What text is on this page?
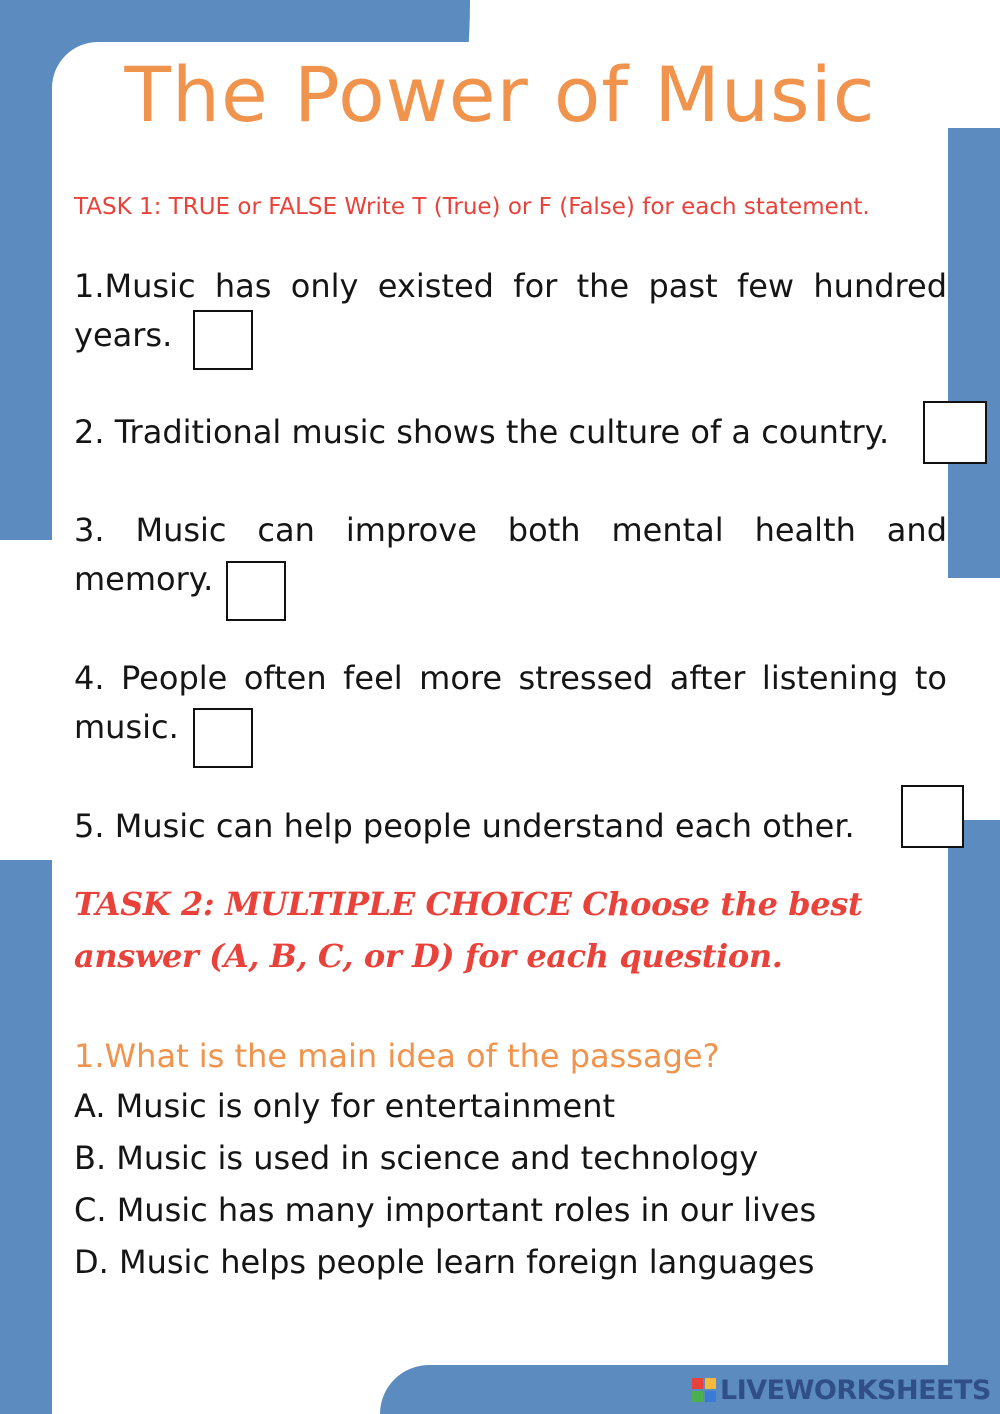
The Power of Music
TASK 1: TRUE or FALSE Write T (True) or F (False) for each statement.
1.Music has only existed for the past few hundred years.
2. Traditional music shows the culture of a country.
3. Music can improve both mental health and memory.
4. People often feel more stressed after listening to music.
5. Music can help people understand each other.
TASK 2: MULTIPLE CHOICE Choose the best answer (A, B, C, or D) for each question.
1.What is the main idea of the passage?
A. Music is only for entertainment
B. Music is used in science and technology
C. Music has many important roles in our lives
D. Music helps people learn foreign languages
LIVEWORKSHEETS
